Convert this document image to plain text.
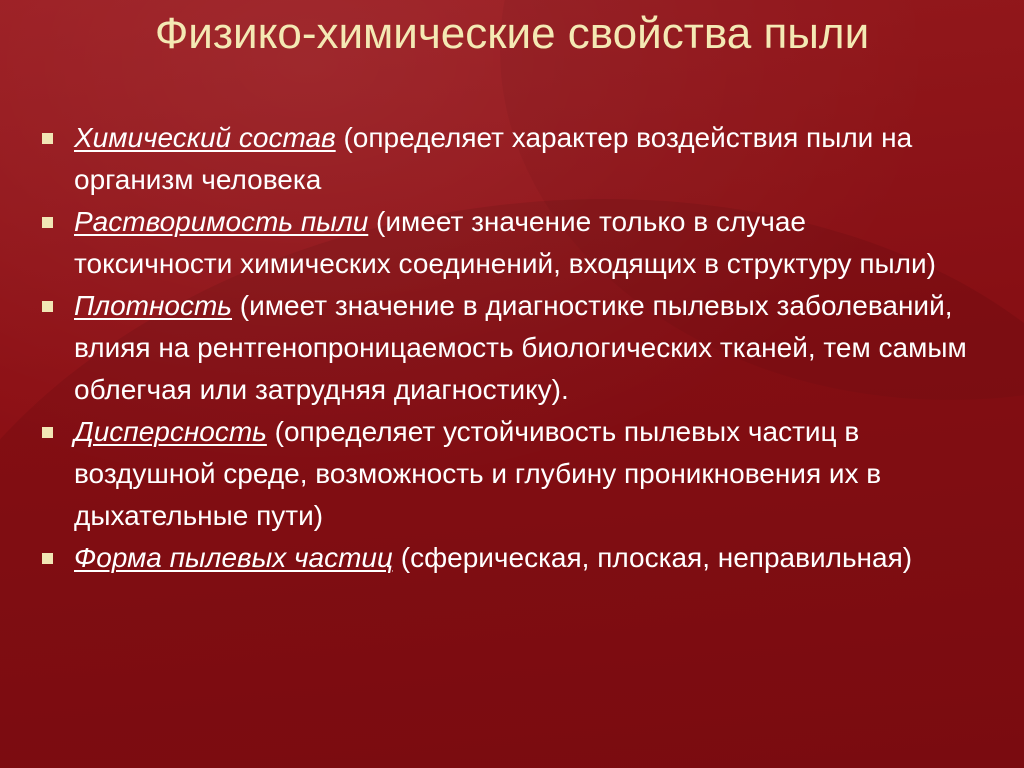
Физико-химические свойства пыли
Химический состав (определяет характер воздействия пыли на организм человека
Растворимость пыли (имеет значение только в случае токсичности химических соединений, входящих в структуру пыли)
Плотность (имеет значение в диагностике пылевых заболеваний, влияя на рентгенопроницаемость биологических тканей, тем самым облегчая или затрудняя диагностику).
Дисперсность (определяет устойчивость пылевых частиц в воздушной среде, возможность и глубину проникновения их в дыхательные пути)
Форма пылевых частиц (сферическая, плоская, неправильная)
